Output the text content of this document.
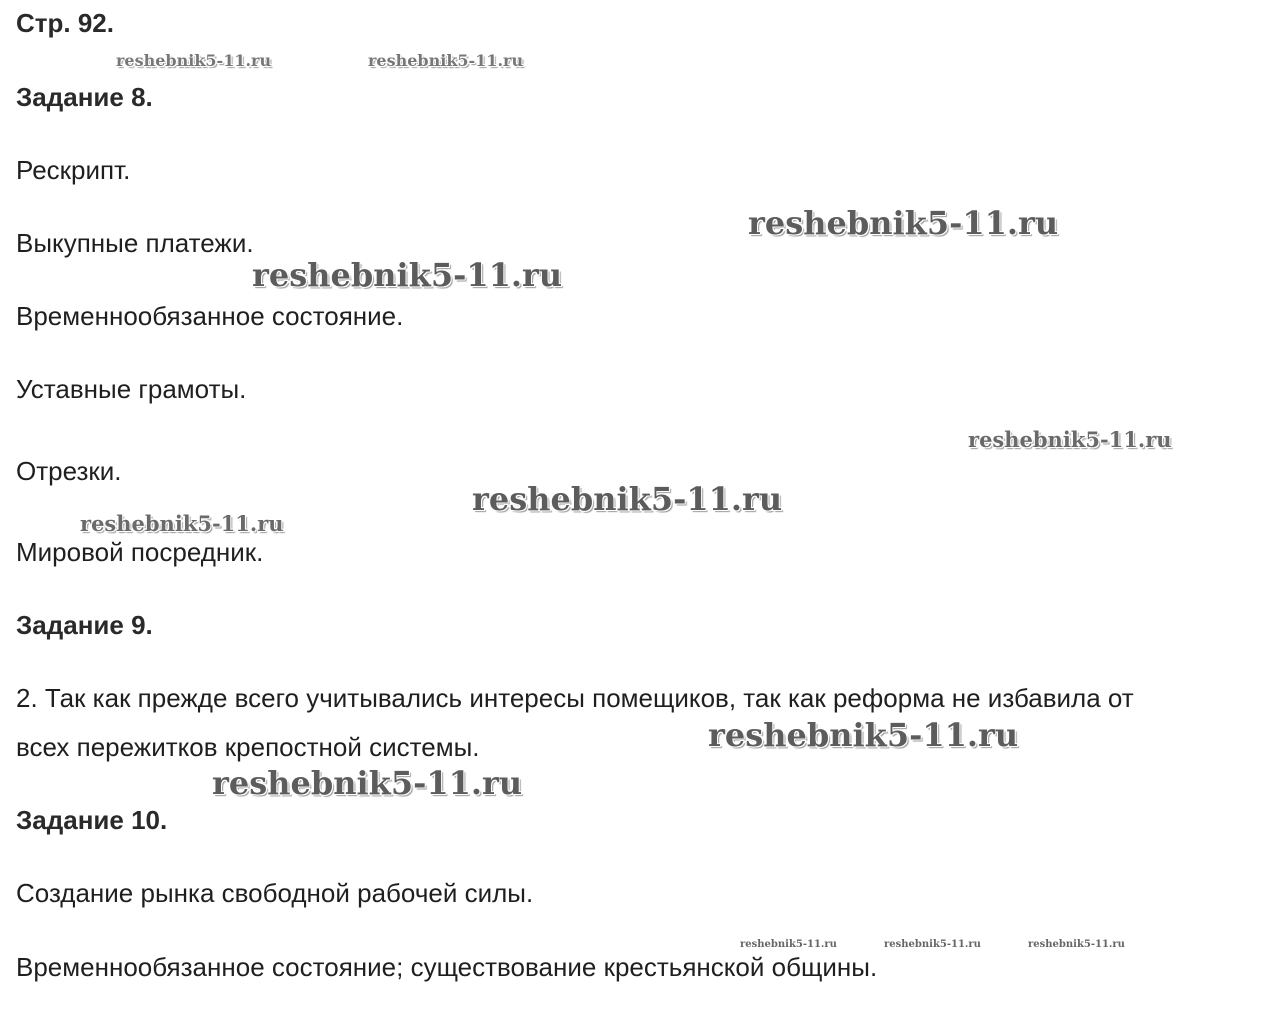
Стр. 92.
Задание 8.
Рескрипт.
Выкупные платежи.
Временнообязанное состояние.
Уставные грамоты.
Отрезки.
Мировой посредник.
Задание 9.
2. Так как прежде всего учитывались интересы помещиков, так как реформа не избавила от
всех пережитков крепостной системы.
Задание 10.
Создание рынка свободной рабочей силы.
Временнообязанное состояние; существование крестьянской общины.
reshebnik5-11.ru	reshebnik5-11.ru
reshebnik5-11.ru
reshebnik5-11.ru
reshebnik5-11.ru
reshebnik5-11.ru
reshebnik5-11.ru
reshebnik5-11.ru
reshebnik5-11.ru
reshebnik5-11.ru	reshebnik5-11.ru	reshebnik5-11.ru
